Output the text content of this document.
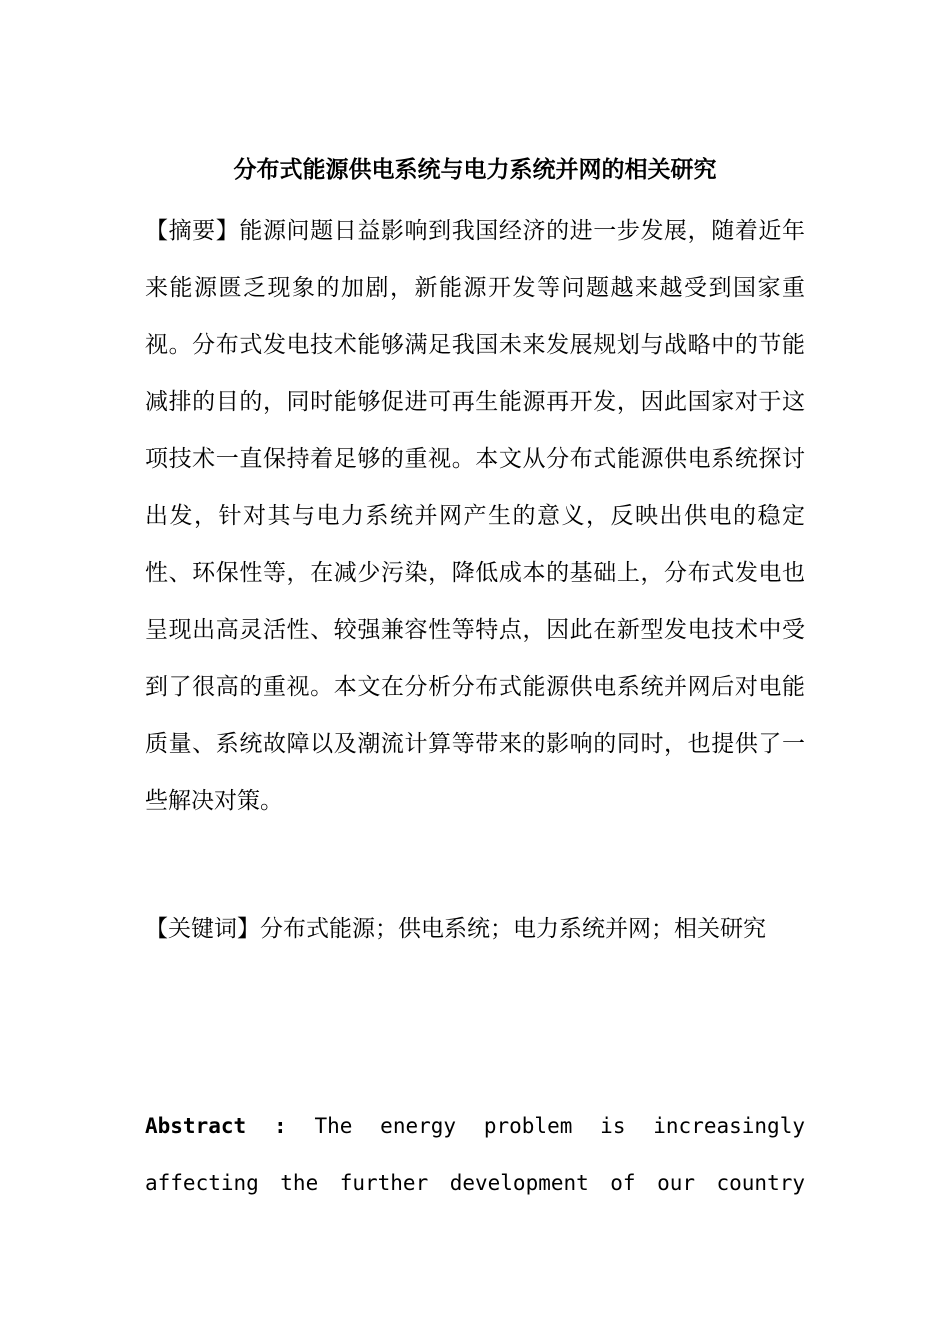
分布式能源供电系统与电力系统并网的相关研究

【摘要】能源问题日益影响到我国经济的进一步发展，随着近年来能源匮乏现象的加剧，新能源开发等问题越来越受到国家重视。分布式发电技术能够满足我国未来发展规划与战略中的节能减排的目的，同时能够促进可再生能源再开发，因此国家对于这项技术一直保持着足够的重视。本文从分布式能源供电系统探讨出发，针对其与电力系统并网产生的意义，反映出供电的稳定性、环保性等，在减少污染，降低成本的基础上，分布式发电也呈现出高灵活性、较强兼容性等特点，因此在新型发电技术中受到了很高的重视。本文在分析分布式能源供电系统并网后对电能质量、系统故障以及潮流计算等带来的影响的同时，也提供了一些解决对策。

【关键词】分布式能源；供电系统；电力系统并网；相关研究

Abstract : The energy problem is increasingly affecting the further development of our country
